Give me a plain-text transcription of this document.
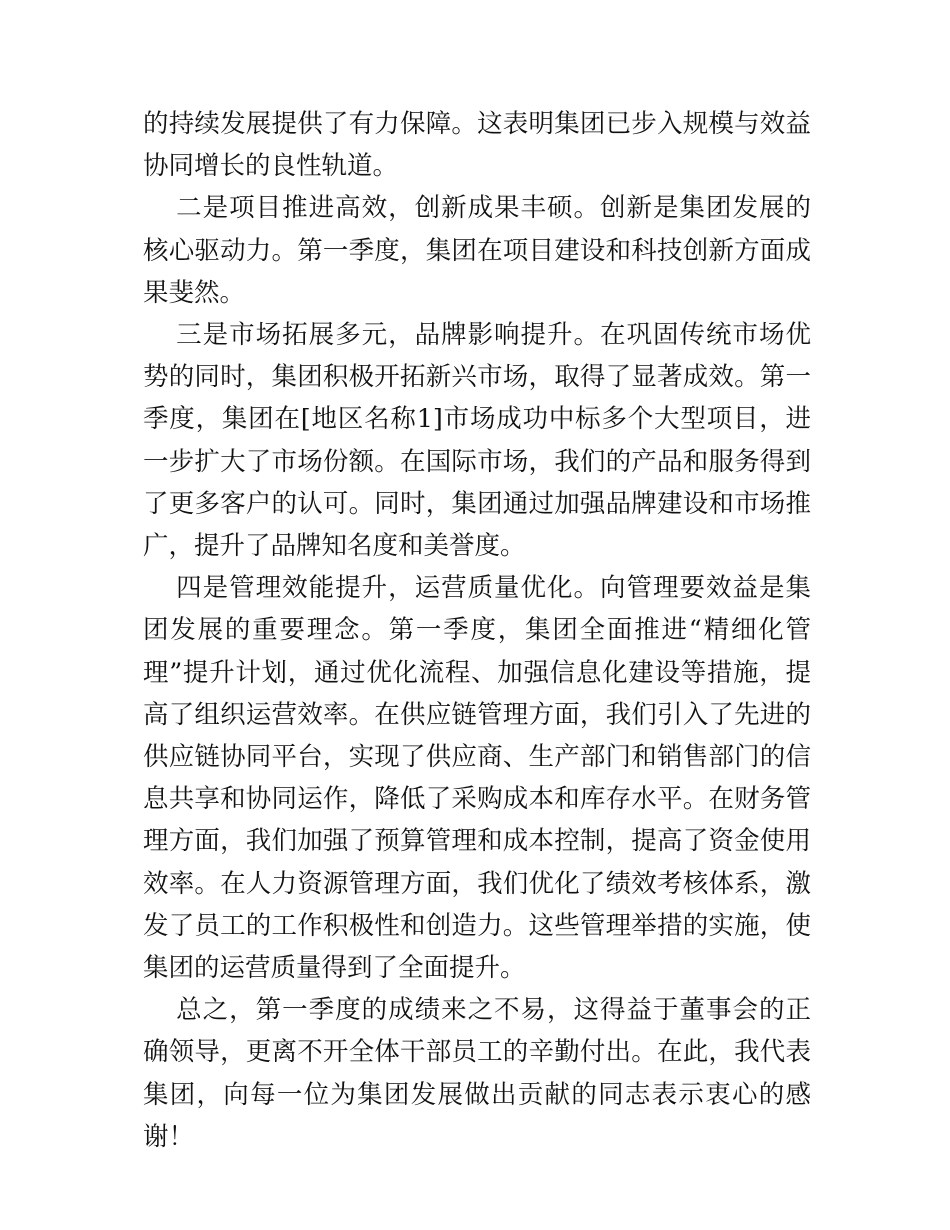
的持续发展提供了有力保障。这表明集团已步入规模与效益协同增长的良性轨道。

二是项目推进高效，创新成果丰硕。创新是集团发展的核心驱动力。第一季度，集团在项目建设和科技创新方面成果斐然。

三是市场拓展多元，品牌影响提升。在巩固传统市场优势的同时，集团积极开拓新兴市场，取得了显著成效。第一季度，集团在[地区名称1]市场成功中标多个大型项目，进一步扩大了市场份额。在国际市场，我们的产品和服务得到了更多客户的认可。同时，集团通过加强品牌建设和市场推广，提升了品牌知名度和美誉度。

四是管理效能提升，运营质量优化。向管理要效益是集团发展的重要理念。第一季度，集团全面推进“精细化管理”提升计划，通过优化流程、加强信息化建设等措施，提高了组织运营效率。在供应链管理方面，我们引入了先进的供应链协同平台，实现了供应商、生产部门和销售部门的信息共享和协同运作，降低了采购成本和库存水平。在财务管理方面，我们加强了预算管理和成本控制，提高了资金使用效率。在人力资源管理方面，我们优化了绩效考核体系，激发了员工的工作积极性和创造力。这些管理举措的实施，使集团的运营质量得到了全面提升。

总之，第一季度的成绩来之不易，这得益于董事会的正确领导，更离不开全体干部员工的辛勤付出。在此，我代表集团，向每一位为集团发展做出贡献的同志表示衷心的感谢！
